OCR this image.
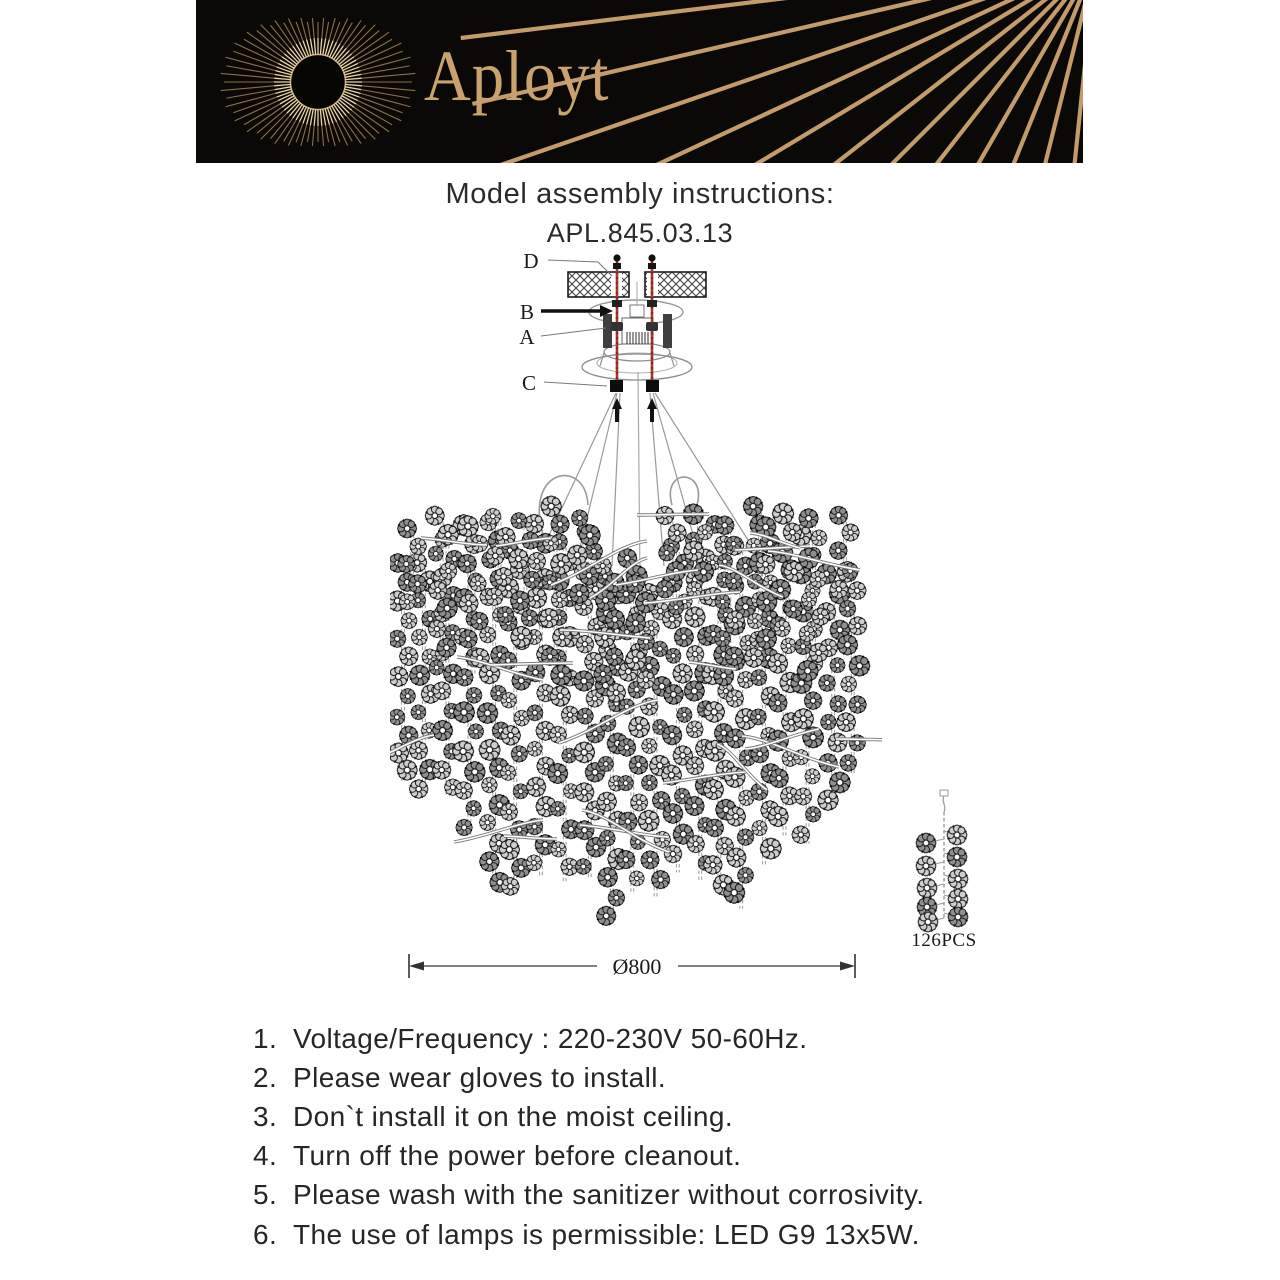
Aployt
Model assembly instructions:
APL.845.03.13
D
B
A
C
126PCS
Ø800
1. Voltage/Frequency : 220-230V 50-60Hz.
2. Please wear gloves to install.
3. Don`t install it on the moist ceiling.
4. Turn off the power before cleanout.
5. Please wash with the sanitizer without corrosivity.
6. The use of lamps is permissible: LED G9 13x5W.
